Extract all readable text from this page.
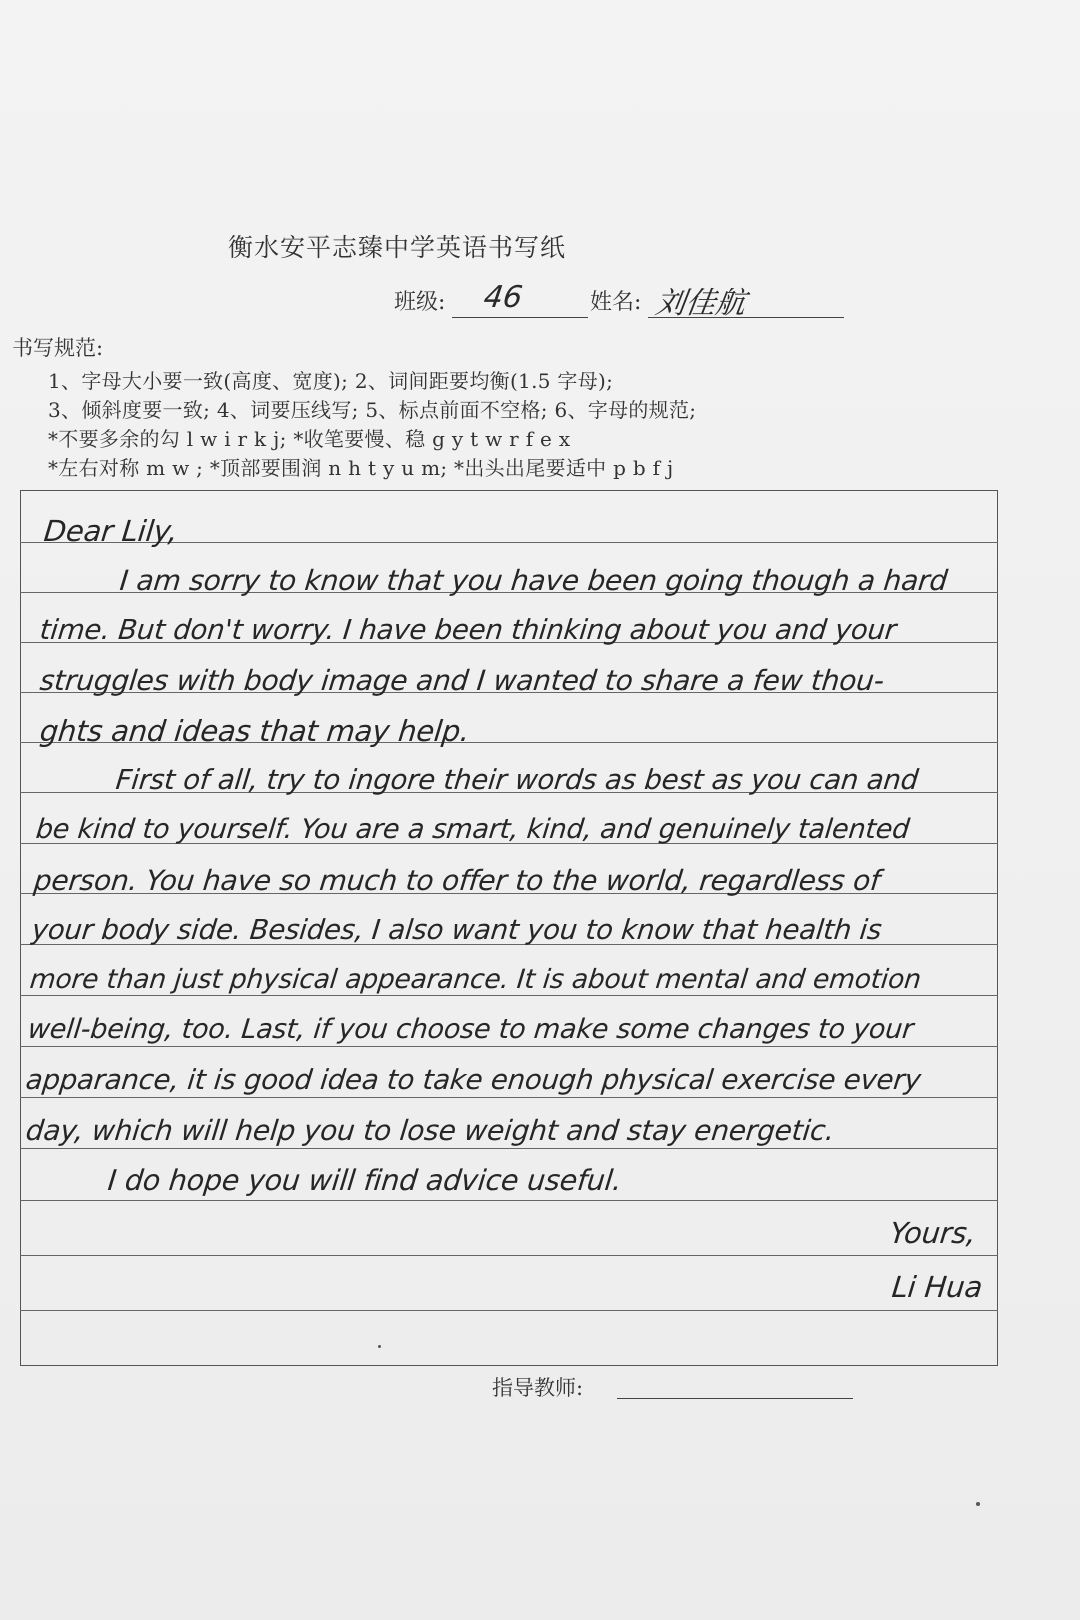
衡水安平志臻中学英语书写纸
班级: 46	姓名: 刘佳航
书写规范:
1、字母大小要一致(高度、宽度); 2、词间距要均衡(1.5 字母);
3、倾斜度要一致; 4、词要压线写; 5、标点前面不空格; 6、字母的规范;
*不要多余的勾 l w i r k j; *收笔要慢、稳 g y t w r f e x
*左右对称 m w ; *顶部要围润 n h t y u m; *出头出尾要适中 p b f j
Dear Lily,
I am sorry to know that you have been going though a hard
time. But don't worry. I have been thinking about you and your
struggles with body image and I wanted to share a few thou-
ghts and ideas that may help.
First of all, try to ingore their words as best as you can and
be kind to yourself. You are a smart, kind, and genuinely talented
person. You have so much to offer to the world, regardless of
your body side. Besides, I also want you to know that health is
more than just physical appearance. It is about mental and emotion
well-being, too. Last, if you choose to make some changes to your
apparance, it is good idea to take enough physical exercise every
day, which will help you to lose weight and stay energetic.
I do hope you will find advice useful.
Yours,
Li Hua
指导教师:
